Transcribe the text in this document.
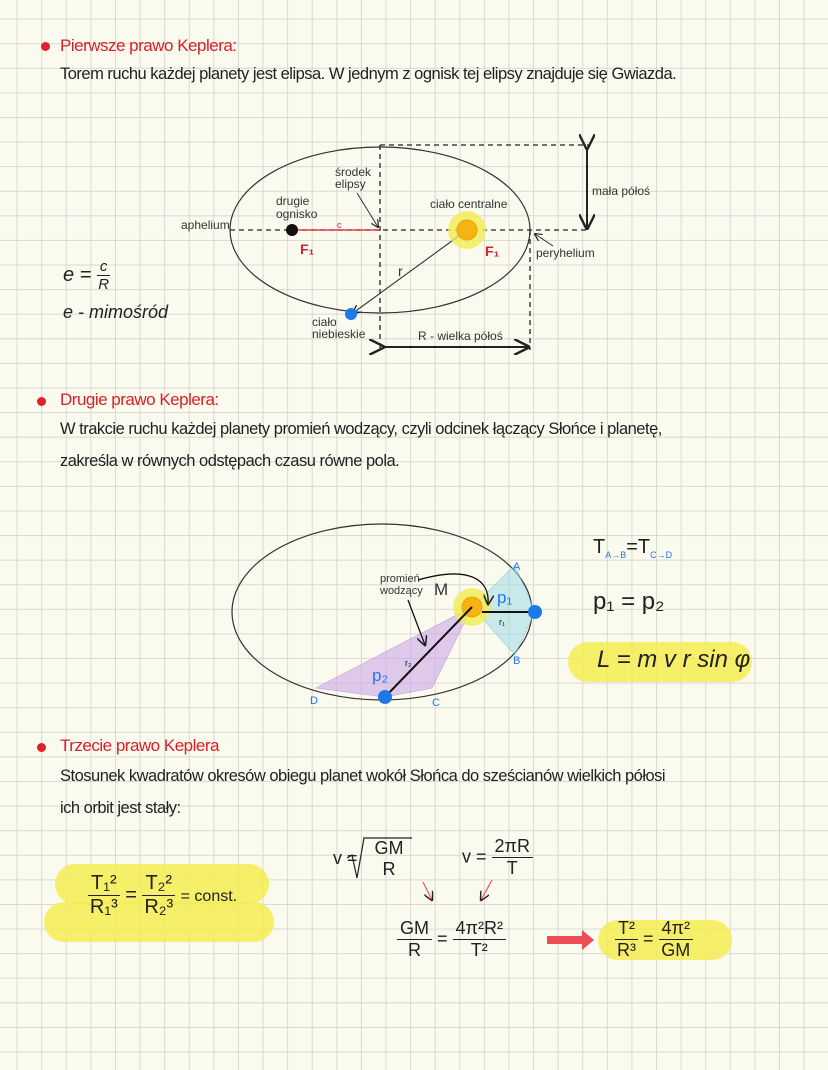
Pierwsze prawo Keplera:
Torem ruchu każdej planety jest elipsa. W jednym z ognisk tej elipsy znajduje się Gwiazda.
środek
elipsy
drugie
ognisko
ciało centralne
mała półoś
aphelium
peryhelium
c
F₁	F₁
r
ciało
niebieskie	R - wielka półoś
promień
wodzący M
A
B
C
D
p₁
p₂
r₁
r₂
$e = \frac{c}{R}$
e - mimośród
Drugie prawo Keplera:
W trakcie ruchu każdej planety promień wodzący, czyli odcinek łączący Słońce i planetę,
zakreśla w równych odstępach czasu równe pola.
$T_{A\to B}=T_{C\to D}$
p₁ = p₂
L = m v r sin φ
Trzecie prawo Keplera
Stosunek kwadratów okresów obiegu planet wokół Słońca do sześcianów wielkich półosi
ich orbit jest stały:
$\frac{\text{T₁²}}{\text{R₁³}} = \frac{\text{T₂²}}{\text{R₂³}}$ = const.
v = GM
R
$v = \frac{2\pi R}{T}$
$\frac{GM}{R} = \frac{\text{4π²R²}}{\text{T²}}$	$\frac{\text{T²}}{\text{R³}} = \frac{\text{4π²}}{GM}$
